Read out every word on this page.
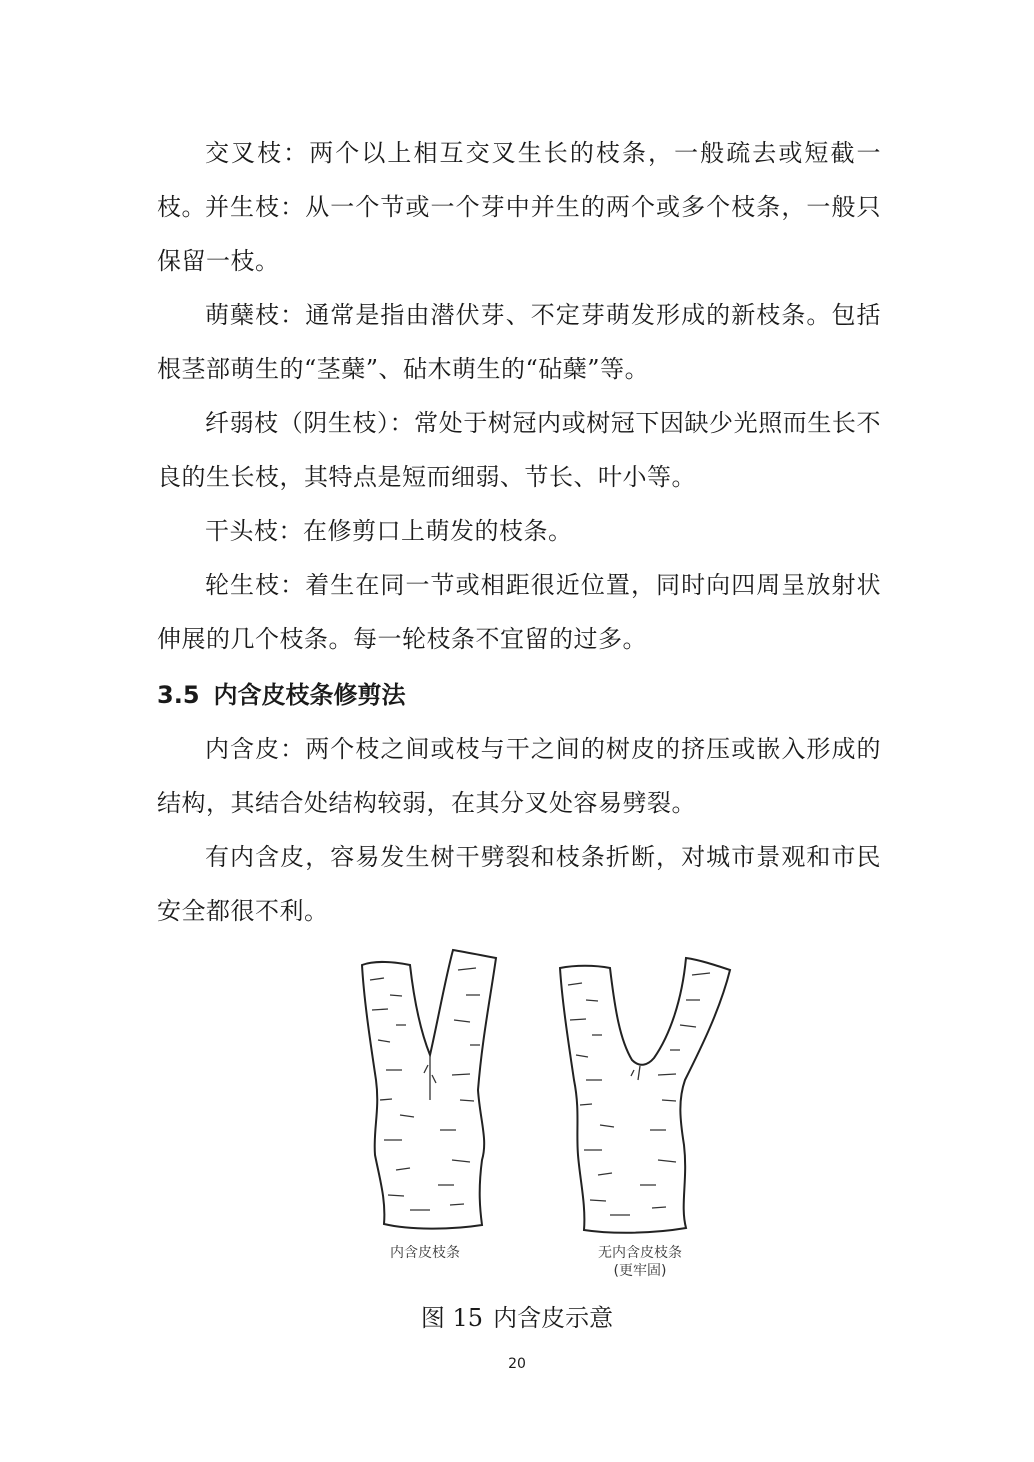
交叉枝：两个以上相互交叉生长的枝条，一般疏去或短截一枝。 并生枝：从一个节或一个芽中并生的两个或多个枝条，一般只保留一枝。

萌蘖枝：通常是指由潜伏芽、不定芽萌发形成的新枝条。包括根茎部萌生的“茎蘖”、砧木萌生的“砧蘖”等。

纤弱枝（阴生枝）：常处于树冠内或树冠下因缺少光照而生长不良的生长枝，其特点是短而细弱、节长、叶小等。

干头枝：在修剪口上萌发的枝条。

轮生枝：着生在同一节或相距很近位置，同时向四周呈放射状伸展的几个枝条。每一轮枝条不宜留的过多。

3.5 内含皮枝条修剪法

内含皮：两个枝之间或枝与干之间的树皮的挤压或嵌入形成的结构，其结合处结构较弱，在其分叉处容易劈裂。

有内含皮，容易发生树干劈裂和枝条折断，对城市景观和市民安全都很不利。

内含皮枝条	无内含皮枝条
(更牢固)
图 15 内含皮示意
20
